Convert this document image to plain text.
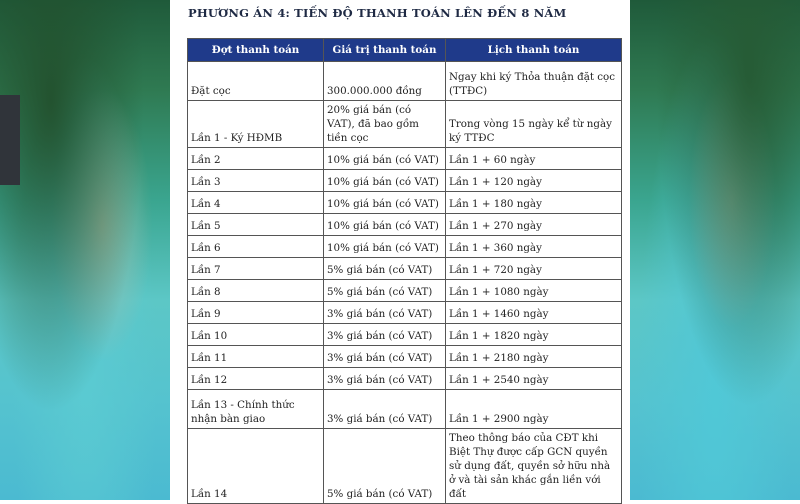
PHƯƠNG ÁN 4: TIẾN ĐỘ THANH TOÁN LÊN ĐẾN 8 NĂM
Đợt thanh toán	Giá trị thanh toán	Lịch thanh toán
Đặt cọc	300.000.000 đồng	Ngay khi ký Thỏa thuận đặt cọc (TTĐC)
Lần 1 - Ký HĐMB	20% giá bán (có VAT), đã bao gồm tiền cọc	Trong vòng 15 ngày kể từ ngày ký TTĐC
Lần 2	10% giá bán (có VAT)	Lần 1 + 60 ngày
Lần 3	10% giá bán (có VAT)	Lần 1 + 120 ngày
Lần 4	10% giá bán (có VAT)	Lần 1 + 180 ngày
Lần 5	10% giá bán (có VAT)	Lần 1 + 270 ngày
Lần 6	10% giá bán (có VAT)	Lần 1 + 360 ngày
Lần 7	5% giá bán (có VAT)	Lần 1 + 720 ngày
Lần 8	5% giá bán (có VAT)	Lần 1 + 1080 ngày
Lần 9	3% giá bán (có VAT)	Lần 1 + 1460 ngày
Lần 10	3% giá bán (có VAT)	Lần 1 + 1820 ngày
Lần 11	3% giá bán (có VAT)	Lần 1 + 2180 ngày
Lần 12	3% giá bán (có VAT)	Lần 1 + 2540 ngày
Lần 13 - Chính thức nhận bàn giao	3% giá bán (có VAT)	Lần 1 + 2900 ngày
Lần 14	5% giá bán (có VAT)	Theo thông báo của CĐT khi Biệt Thự được cấp GCN quyền sử dụng đất, quyền sở hữu nhà ở và tài sản khác gắn liền với đất
